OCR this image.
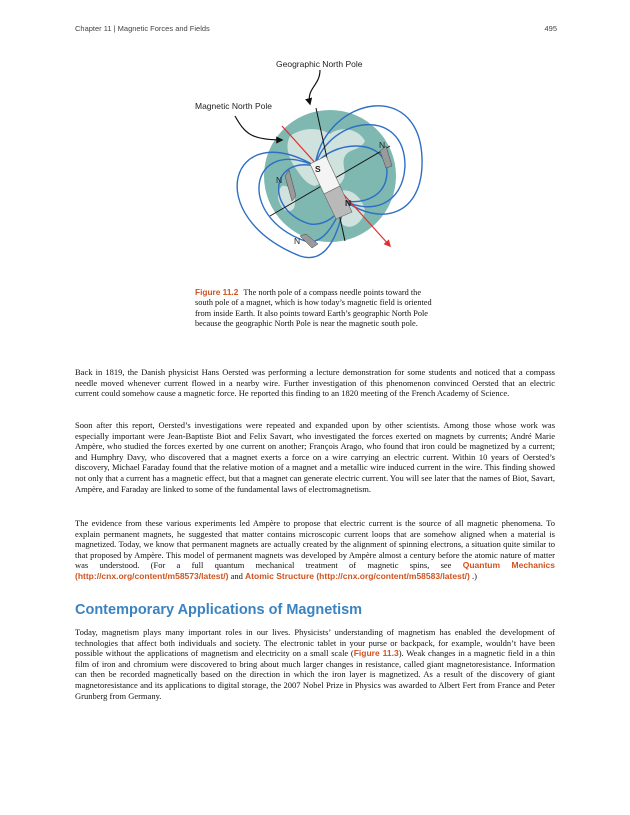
Chapter 11 | Magnetic Forces and Fields	495
S
N
N
N
N
Geographic North Pole
Magnetic North Pole
Figure 11.2 The north pole of a compass needle points toward the south pole of a magnet, which is how today’s magnetic field is oriented from inside Earth. It also points toward Earth’s geographic North Pole because the geographic North Pole is near the magnetic south pole.

Back in 1819, the Danish physicist Hans Oersted was performing a lecture demonstration for some students and noticed that a compass needle moved whenever current flowed in a nearby wire. Further investigation of this phenomenon convinced Oersted that an electric current could somehow cause a magnetic force. He reported this finding to an 1820 meeting of the French Academy of Science.

Soon after this report, Oersted’s investigations were repeated and expanded upon by other scientists. Among those whose work was especially important were Jean-Baptiste Biot and Felix Savart, who investigated the forces exerted on magnets by currents; André Marie Ampère, who studied the forces exerted by one current on another; François Arago, who found that iron could be magnetized by a current; and Humphry Davy, who discovered that a magnet exerts a force on a wire carrying an electric current. Within 10 years of Oersted’s discovery, Michael Faraday found that the relative motion of a magnet and a metallic wire induced current in the wire. This finding showed not only that a current has a magnetic effect, but that a magnet can generate electric current. You will see later that the names of Biot, Savart, Ampère, and Faraday are linked to some of the fundamental laws of electromagnetism.

The evidence from these various experiments led Ampère to propose that electric current is the source of all magnetic phenomena. To explain permanent magnets, he suggested that matter contains microscopic current loops that are somehow aligned when a material is magnetized. Today, we know that permanent magnets are actually created by the alignment of spinning electrons, a situation quite similar to that proposed by Ampère. This model of permanent magnets was developed by Ampère almost a century before the atomic nature of matter was understood. (For a full quantum mechanical treatment of magnetic spins, see Quantum Mechanics (http://cnx.org/content/m58573/latest/) and Atomic Structure (http://cnx.org/content/m58583/latest/) .)

Contemporary Applications of Magnetism

Today, magnetism plays many important roles in our lives. Physicists’ understanding of magnetism has enabled the development of technologies that affect both individuals and society. The electronic tablet in your purse or backpack, for example, wouldn’t have been possible without the applications of magnetism and electricity on a small scale (Figure 11.3). Weak changes in a magnetic field in a thin film of iron and chromium were discovered to bring about much larger changes in resistance, called giant magnetoresistance. Information can then be recorded magnetically based on the direction in which the iron layer is magnetized. As a result of the discovery of giant magnetoresistance and its applications to digital storage, the 2007 Nobel Prize in Physics was awarded to Albert Fert from France and Peter Grunberg from Germany.
